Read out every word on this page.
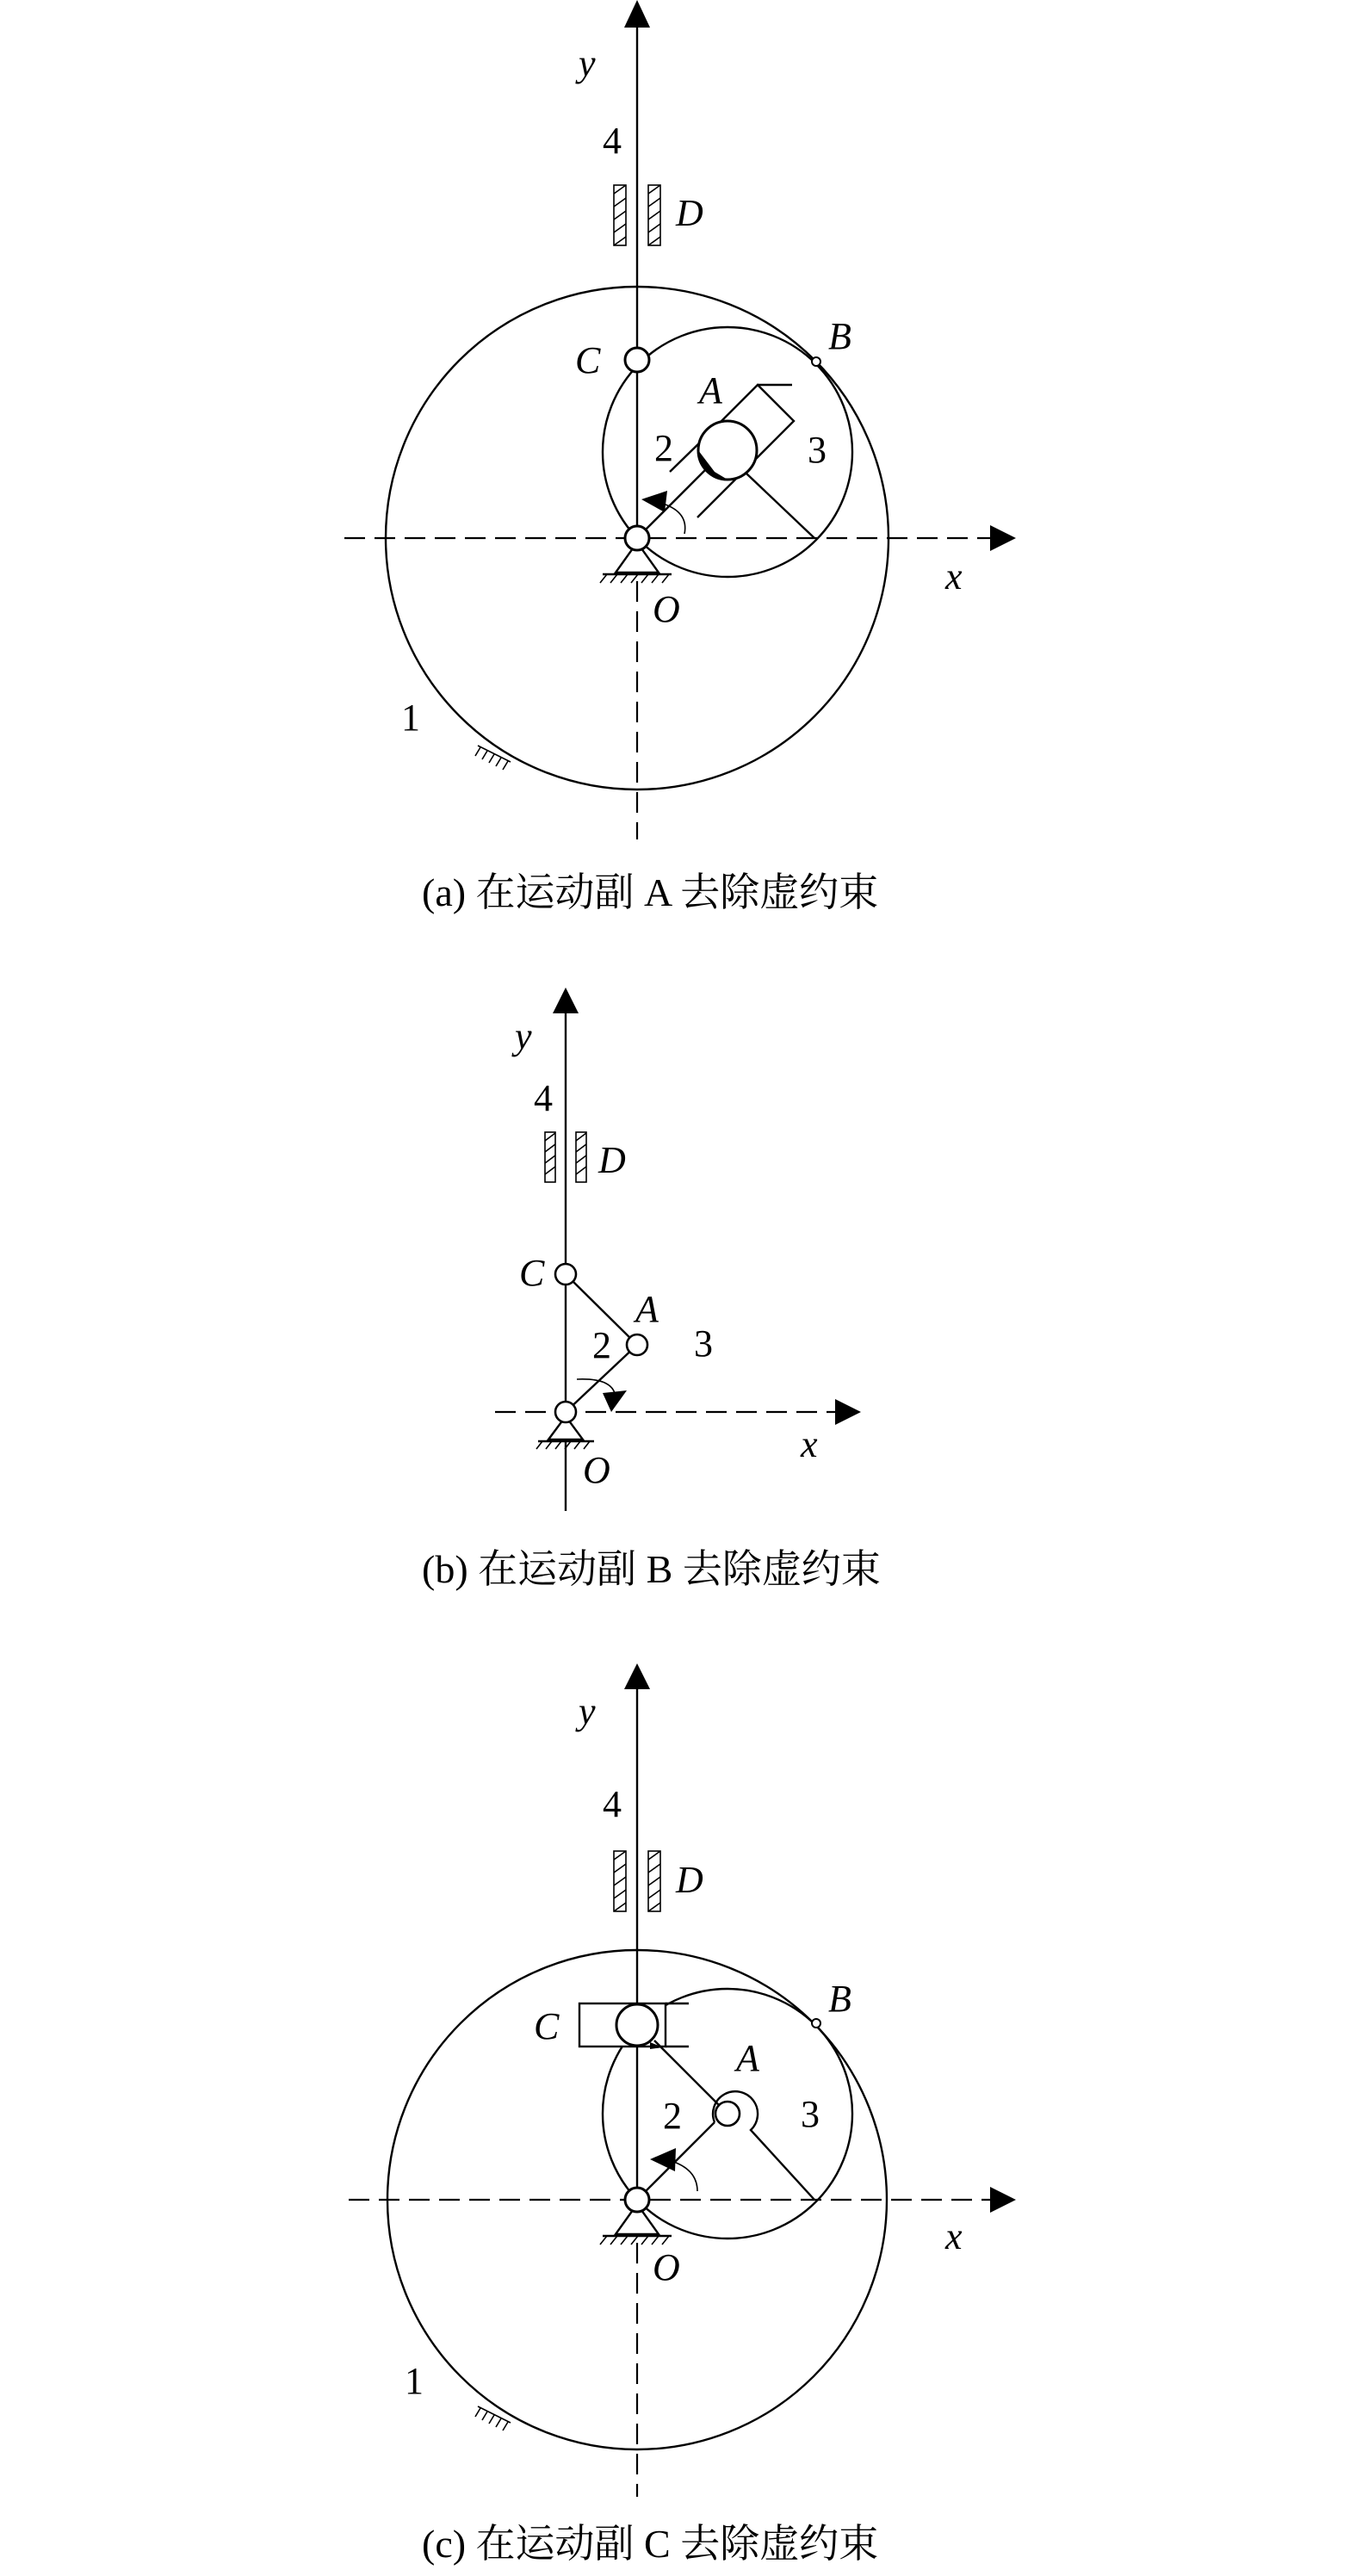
y
4
D
C
B
A
2	3
x
O
1
(a) 在运动副 A 去除虚约束
y
4
D
C
A
2 3
x
O
(b) 在运动副 B 去除虚约束
y
4
D
C
B
A
2	3
x
O
1
(c) 在运动副 C 去除虚约束
